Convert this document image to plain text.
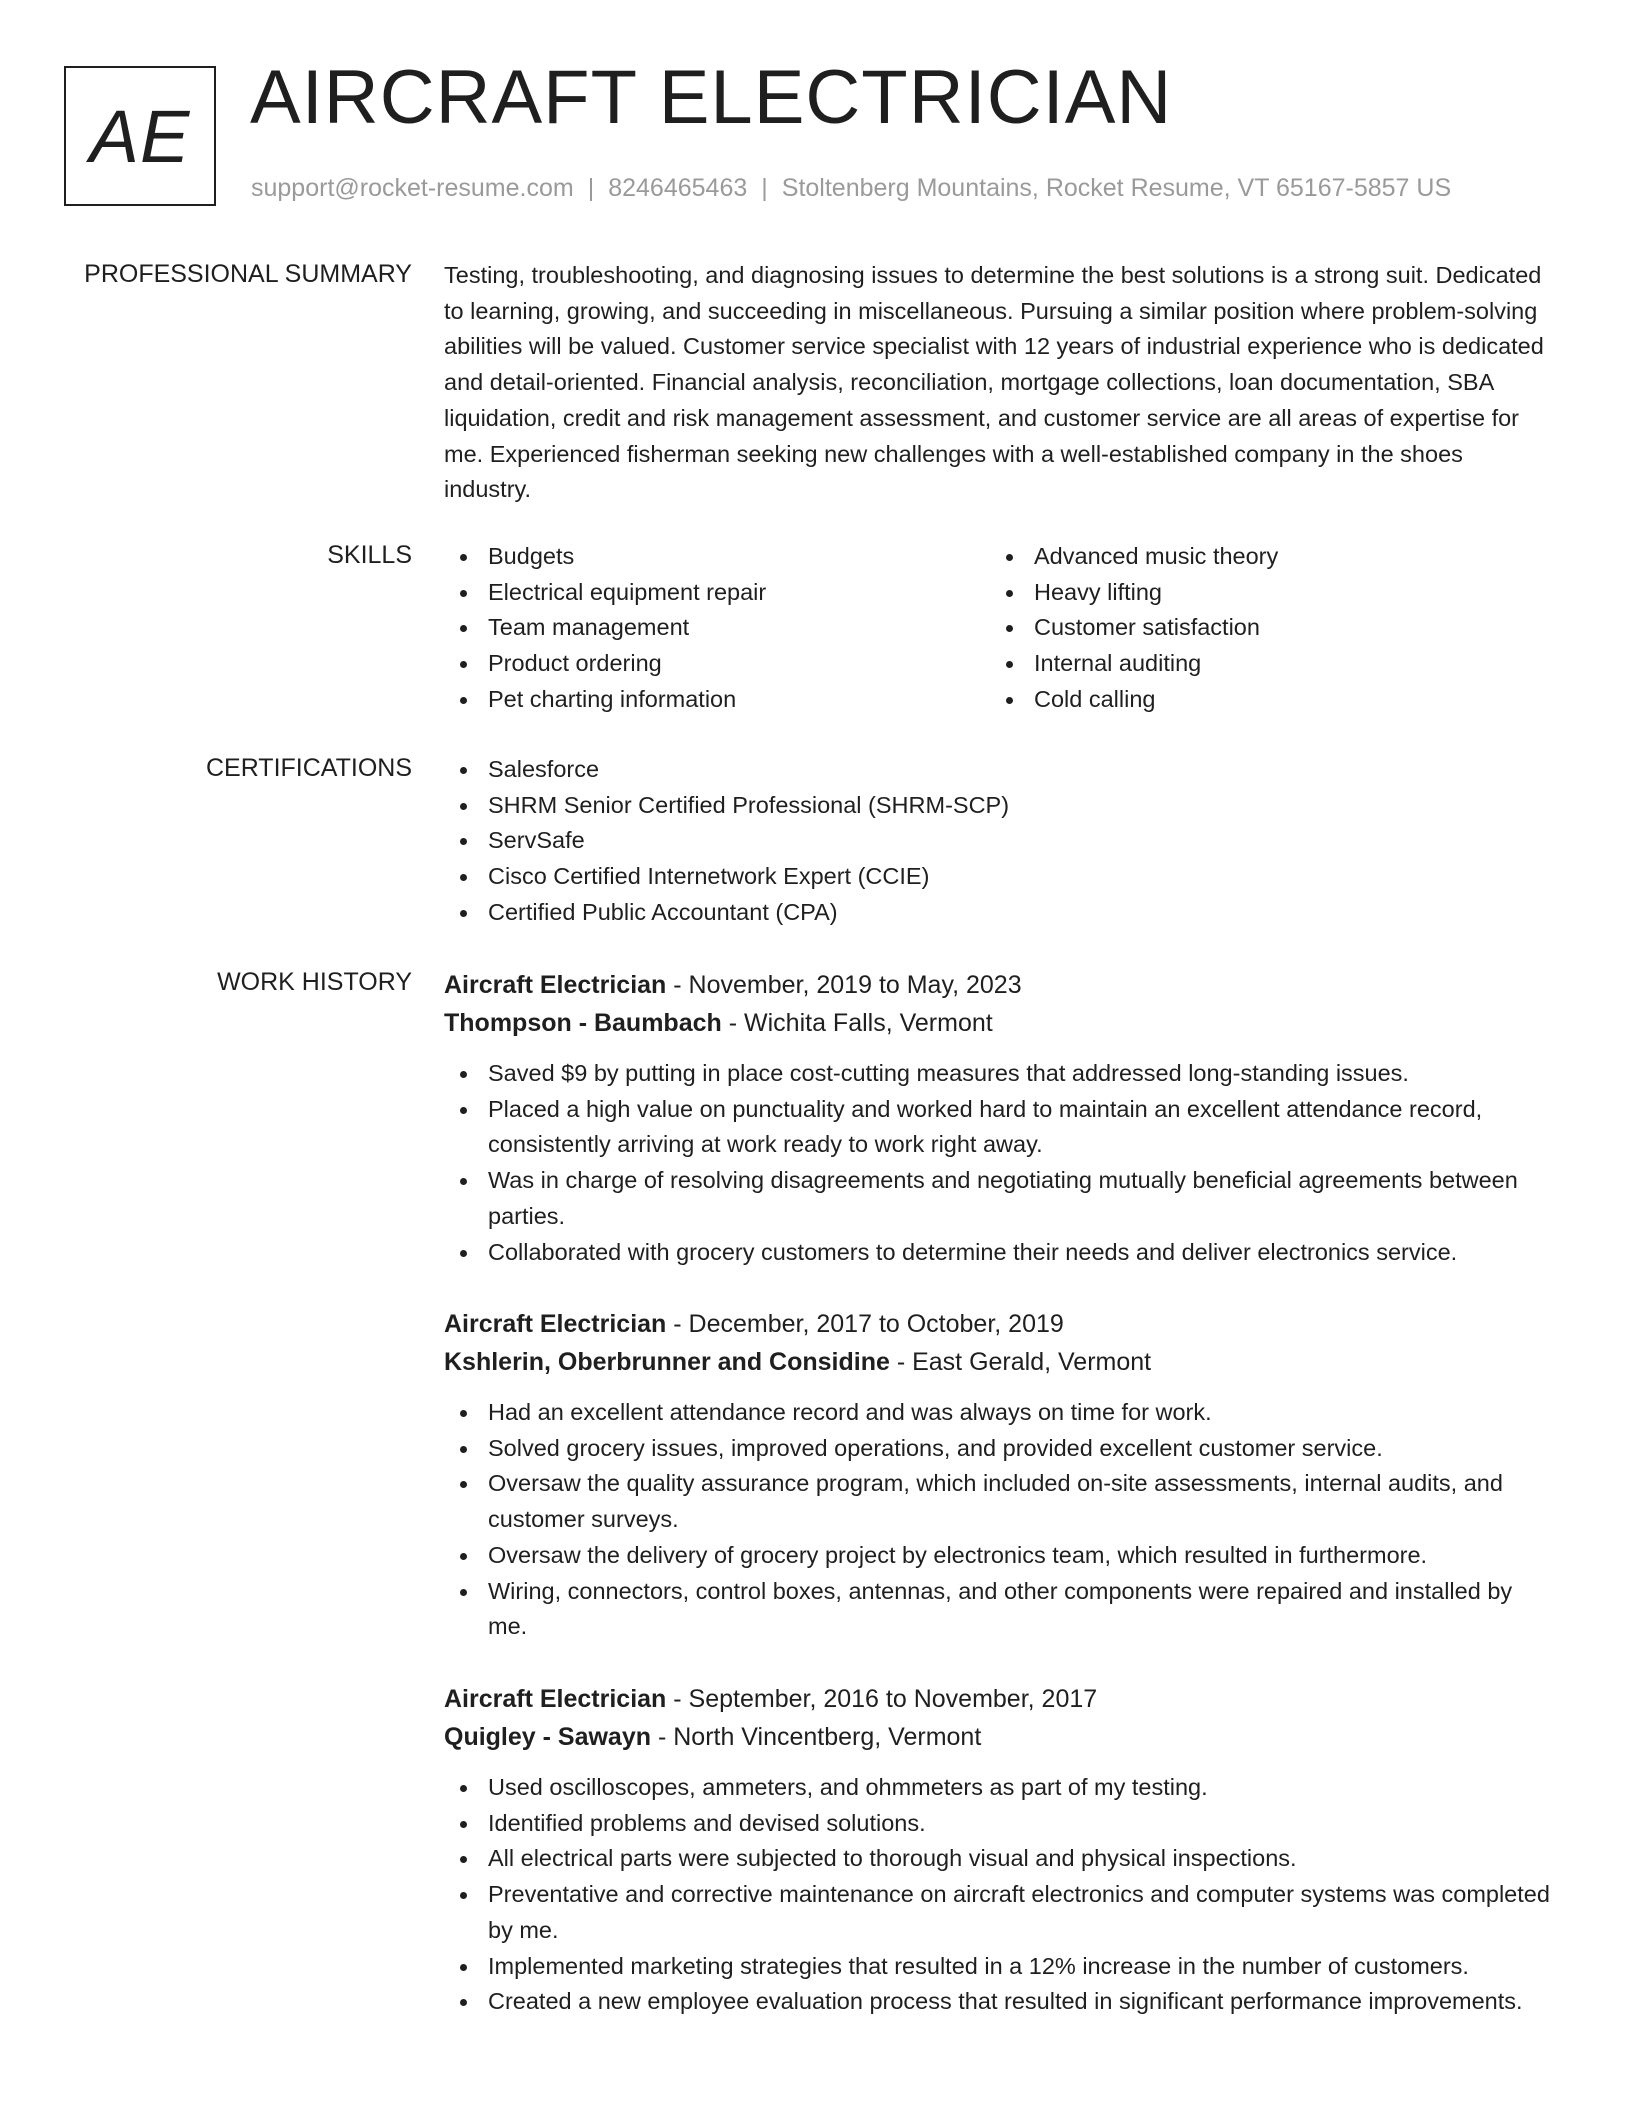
AE AIRCRAFT ELECTRICIAN
support@rocket-resume.com | 8246465463 | Stoltenberg Mountains, Rocket Resume, VT 65167-5857 US
PROFESSIONAL SUMMARY Testing, troubleshooting, and diagnosing issues to determine the best solutions is a strong suit. Dedicated to learning, growing, and succeeding in miscellaneous. Pursuing a similar position where problem-solving abilities will be valued. Customer service specialist with 12 years of industrial experience who is dedicated and detail-oriented. Financial analysis, reconciliation, mortgage collections, loan documentation, SBA liquidation, credit and risk management assessment, and customer service are all areas of expertise for me. Experienced fisherman seeking new challenges with a well-established company in the shoes industry.

SKILLS	Budgets
Electrical equipment repair
Team management
Product ordering
Pet charting information
Advanced music theory
Heavy lifting
Customer satisfaction
Internal auditing
Cold calling
CERTIFICATIONS	Salesforce
SHRM Senior Certified Professional (SHRM-SCP)
ServSafe
Cisco Certified Internetwork Expert (CCIE)
Certified Public Accountant (CPA)
WORK HISTORY Aircraft Electrician - November, 2019 to May, 2023
Thompson - Baumbach - Wichita Falls, Vermont
Saved $9 by putting in place cost-cutting measures that addressed long-standing issues.
Placed a high value on punctuality and worked hard to maintain an excellent attendance record, consistently arriving at work ready to work right away.
Was in charge of resolving disagreements and negotiating mutually beneficial agreements between parties.
Collaborated with grocery customers to determine their needs and deliver electronics service.
Aircraft Electrician - December, 2017 to October, 2019
Kshlerin, Oberbrunner and Considine - East Gerald, Vermont
Had an excellent attendance record and was always on time for work.
Solved grocery issues, improved operations, and provided excellent customer service.
Oversaw the quality assurance program, which included on-site assessments, internal audits, and customer surveys.
Oversaw the delivery of grocery project by electronics team, which resulted in furthermore.
Wiring, connectors, control boxes, antennas, and other components were repaired and installed by me.
Aircraft Electrician - September, 2016 to November, 2017
Quigley - Sawayn - North Vincentberg, Vermont
Used oscilloscopes, ammeters, and ohmmeters as part of my testing.
Identified problems and devised solutions.
All electrical parts were subjected to thorough visual and physical inspections.
Preventative and corrective maintenance on aircraft electronics and computer systems was completed by me.
Implemented marketing strategies that resulted in a 12% increase in the number of customers.
Created a new employee evaluation process that resulted in significant performance improvements.
